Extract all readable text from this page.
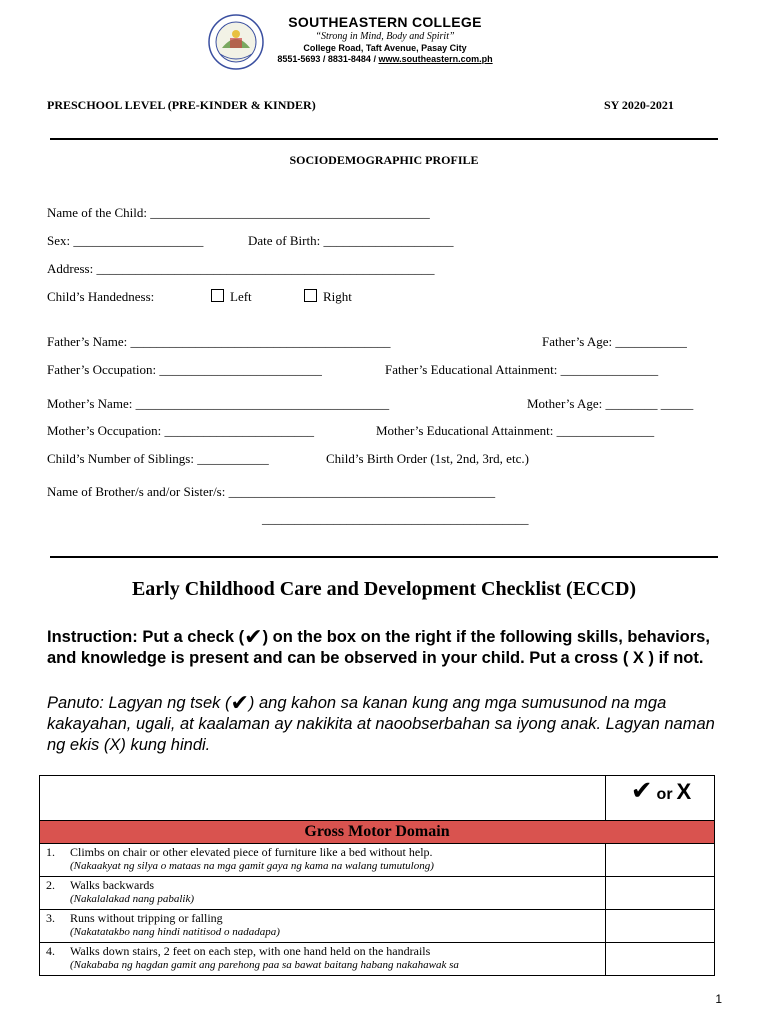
SOUTHEASTERN COLLEGE
“Strong in Mind, Body and Spirit”
College Road, Taft Avenue, Pasay City
8551-5693 / 8831-8484 / www.southeastern.com.ph
PRESCHOOL LEVEL (PRE-KINDER & KINDER)	SY 2020-2021
SOCIODEMOGRAPHIC PROFILE
Name of the Child: ___________________________________________
Sex: ____________________	Date of Birth: ____________________
Address: ____________________________________________________
Child’s Handedness:	Left	Right
Father’s Name: ________________________________________	Father’s Age: ___________
Father’s Occupation: _________________________	Father’s Educational Attainment: _______________
Mother’s Name: _______________________________________	Mother’s Age: ________ _____
Mother’s Occupation: _______________________	Mother’s Educational Attainment: _______________
Child’s Number of Siblings: ___________	Child’s Birth Order (1st, 2nd, 3rd, etc.)
Name of Brother/s and/or Sister/s: _________________________________________
_________________________________________
Early Childhood Care and Development Checklist (ECCD)
Instruction: Put a check (✔) on the box on the right if the following skills, behaviors, and knowledge is present and can be observed in your child. Put a cross ( X ) if not.
Panuto: Lagyan ng tsek (✔) ang kahon sa kanan kung ang mga sumusunod na mga kakayahan, ugali, at kaalaman ay nakikita at naoobserbahan sa iyong anak. Lagyan naman ng ekis (X) kung hindi.
✔ or X
Gross Motor Domain
1. Climbs on chair or other elevated piece of furniture like a bed without help.
(Nakaakyat ng silya o mataas na mga gamit gaya ng kama na walang tumutulong)
2. Walks backwards
(Nakalalakad nang pabalik)
3. Runs without tripping or falling
(Nakatatakbo nang hindi natitisod o nadadapa)
4. Walks down stairs, 2 feet on each step, with one hand held on the handrails
(Nakababa ng hagdan gamit ang parehong paa sa bawat baitang habang nakahawak sa
1
